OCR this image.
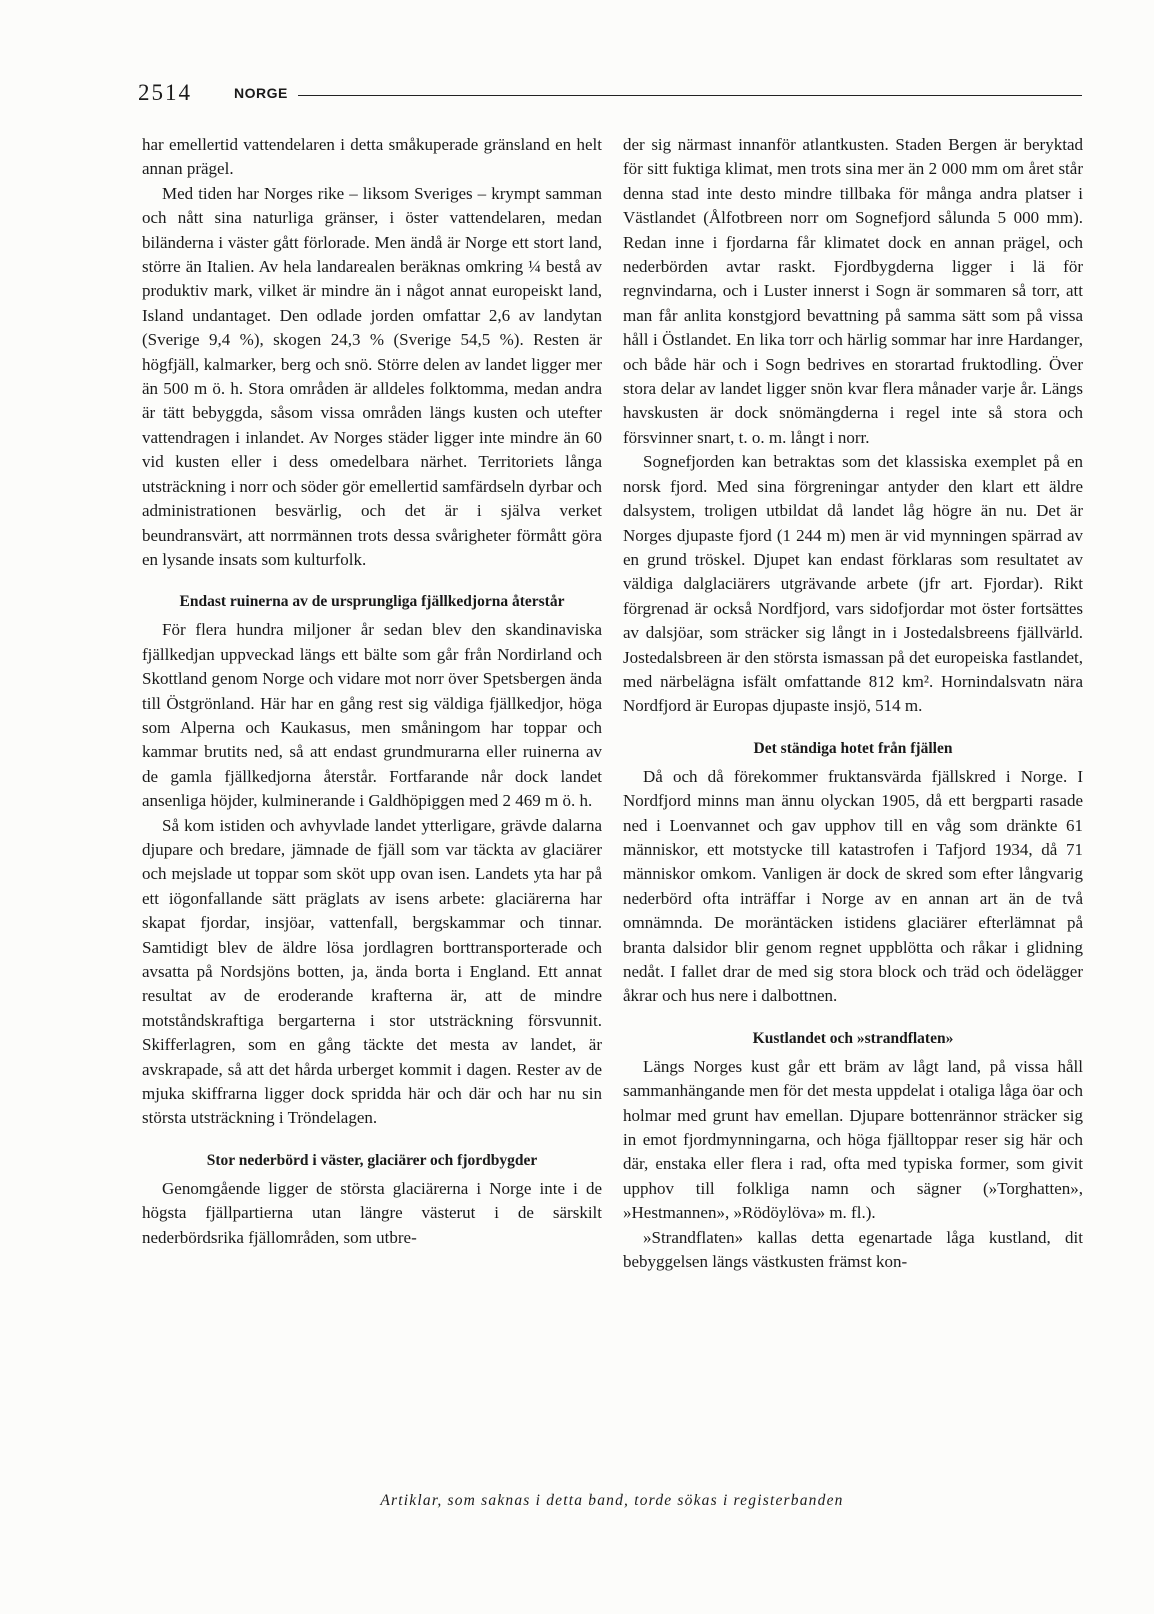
2514	NORGE

har emellertid vattendelaren i detta småkuperade gränsland en helt annan prägel.

Med tiden har Norges rike – liksom Sveriges – krympt samman och nått sina naturliga gränser, i öster vattendelaren, medan biländerna i väster gått förlorade. Men ändå är Norge ett stort land, större än Italien. Av hela landarealen beräknas omkring ¼ bestå av produktiv mark, vilket är mindre än i något annat europeiskt land, Island undantaget. Den odlade jorden omfattar 2,6 av landytan (Sverige 9,4 %), skogen 24,3 % (Sverige 54,5 %). Resten är högfjäll, kalmarker, berg och snö. Större delen av landet ligger mer än 500 m ö. h. Stora områden är alldeles folktomma, medan andra är tätt bebyggda, såsom vissa områden längs kusten och utefter vattendragen i inlandet. Av Norges städer ligger inte mindre än 60 vid kusten eller i dess omedelbara närhet. Territoriets långa utsträckning i norr och söder gör emellertid samfärdseln dyrbar och administrationen besvärlig, och det är i själva verket beundransvärt, att norrmännen trots dessa svårigheter förmått göra en lysande insats som kulturfolk.

Endast ruinerna av de ursprungliga fjällkedjorna återstår

För flera hundra miljoner år sedan blev den skandinaviska fjällkedjan uppveckad längs ett bälte som går från Nordirland och Skottland genom Norge och vidare mot norr över Spetsbergen ända till Östgrönland. Här har en gång rest sig väldiga fjällkedjor, höga som Alperna och Kaukasus, men småningom har toppar och kammar brutits ned, så att endast grundmurarna eller ruinerna av de gamla fjällkedjorna återstår. Fortfarande når dock landet ansenliga höjder, kulminerande i Galdhöpiggen med 2 469 m ö. h.

Så kom istiden och avhyvlade landet ytterligare, grävde dalarna djupare och bredare, jämnade de fjäll som var täckta av glaciärer och mejslade ut toppar som sköt upp ovan isen. Landets yta har på ett iögonfallande sätt präglats av isens arbete: glaciärerna har skapat fjordar, insjöar, vattenfall, bergskammar och tinnar. Samtidigt blev de äldre lösa jordlagren borttransporterade och avsatta på Nordsjöns botten, ja, ända borta i England. Ett annat resultat av de eroderande krafterna är, att de mindre motståndskraftiga bergarterna i stor utsträckning försvunnit. Skifferlagren, som en gång täckte det mesta av landet, är avskrapade, så att det hårda urberget kommit i dagen. Rester av de mjuka skiffrarna ligger dock spridda här och där och har nu sin största utsträckning i Tröndelagen.

Stor nederbörd i väster, glaciärer och fjordbygder

Genomgående ligger de största glaciärerna i Norge inte i de högsta fjällpartierna utan längre västerut i de särskilt nederbördsrika fjällområden, som utbre-

der sig närmast innanför atlantkusten. Staden Bergen är beryktad för sitt fuktiga klimat, men trots sina mer än 2 000 mm om året står denna stad inte desto mindre tillbaka för många andra platser i Västlandet (Ålfotbreen norr om Sognefjord sålunda 5 000 mm). Redan inne i fjordarna får klimatet dock en annan prägel, och nederbörden avtar raskt. Fjordbygderna ligger i lä för regnvindarna, och i Luster innerst i Sogn är sommaren så torr, att man får anlita konstgjord bevattning på samma sätt som på vissa håll i Östlandet. En lika torr och härlig sommar har inre Hardanger, och både här och i Sogn bedrives en storartad fruktodling. Över stora delar av landet ligger snön kvar flera månader varje år. Längs havskusten är dock snömängderna i regel inte så stora och försvinner snart, t. o. m. långt i norr.

Sognefjorden kan betraktas som det klassiska exemplet på en norsk fjord. Med sina förgreningar antyder den klart ett äldre dalsystem, troligen utbildat då landet låg högre än nu. Det är Norges djupaste fjord (1 244 m) men är vid mynningen spärrad av en grund tröskel. Djupet kan endast förklaras som resultatet av väldiga dalglaciärers utgrävande arbete (jfr art. Fjordar). Rikt förgrenad är också Nordfjord, vars sidofjordar mot öster fortsättes av dalsjöar, som sträcker sig långt in i Jostedalsbreens fjällvärld. Jostedalsbreen är den största ismassan på det europeiska fastlandet, med närbelägna isfält omfattande 812 km². Hornindalsvatn nära Nordfjord är Europas djupaste insjö, 514 m.

Det ständiga hotet från fjällen

Då och då förekommer fruktansvärda fjällskred i Norge. I Nordfjord minns man ännu olyckan 1905, då ett bergparti rasade ned i Loenvannet och gav upphov till en våg som dränkte 61 människor, ett motstycke till katastrofen i Tafjord 1934, då 71 människor omkom. Vanligen är dock de skred som efter långvarig nederbörd ofta inträffar i Norge av en annan art än de två omnämnda. De moräntäcken istidens glaciärer efterlämnat på branta dalsidor blir genom regnet uppblötta och råkar i glidning nedåt. I fallet drar de med sig stora block och träd och ödelägger åkrar och hus nere i dalbottnen.

Kustlandet och »strandflaten»

Längs Norges kust går ett bräm av lågt land, på vissa håll sammanhängande men för det mesta uppdelat i otaliga låga öar och holmar med grunt hav emellan. Djupare bottenrännor sträcker sig in emot fjordmynningarna, och höga fjälltoppar reser sig här och där, enstaka eller flera i rad, ofta med typiska former, som givit upphov till folkliga namn och sägner (»Torghatten», »Hestmannen», »Rödöylöva» m. fl.).

»Strandflaten» kallas detta egenartade låga kustland, dit bebyggelsen längs västkusten främst kon-

Artiklar, som saknas i detta band, torde sökas i registerbanden
